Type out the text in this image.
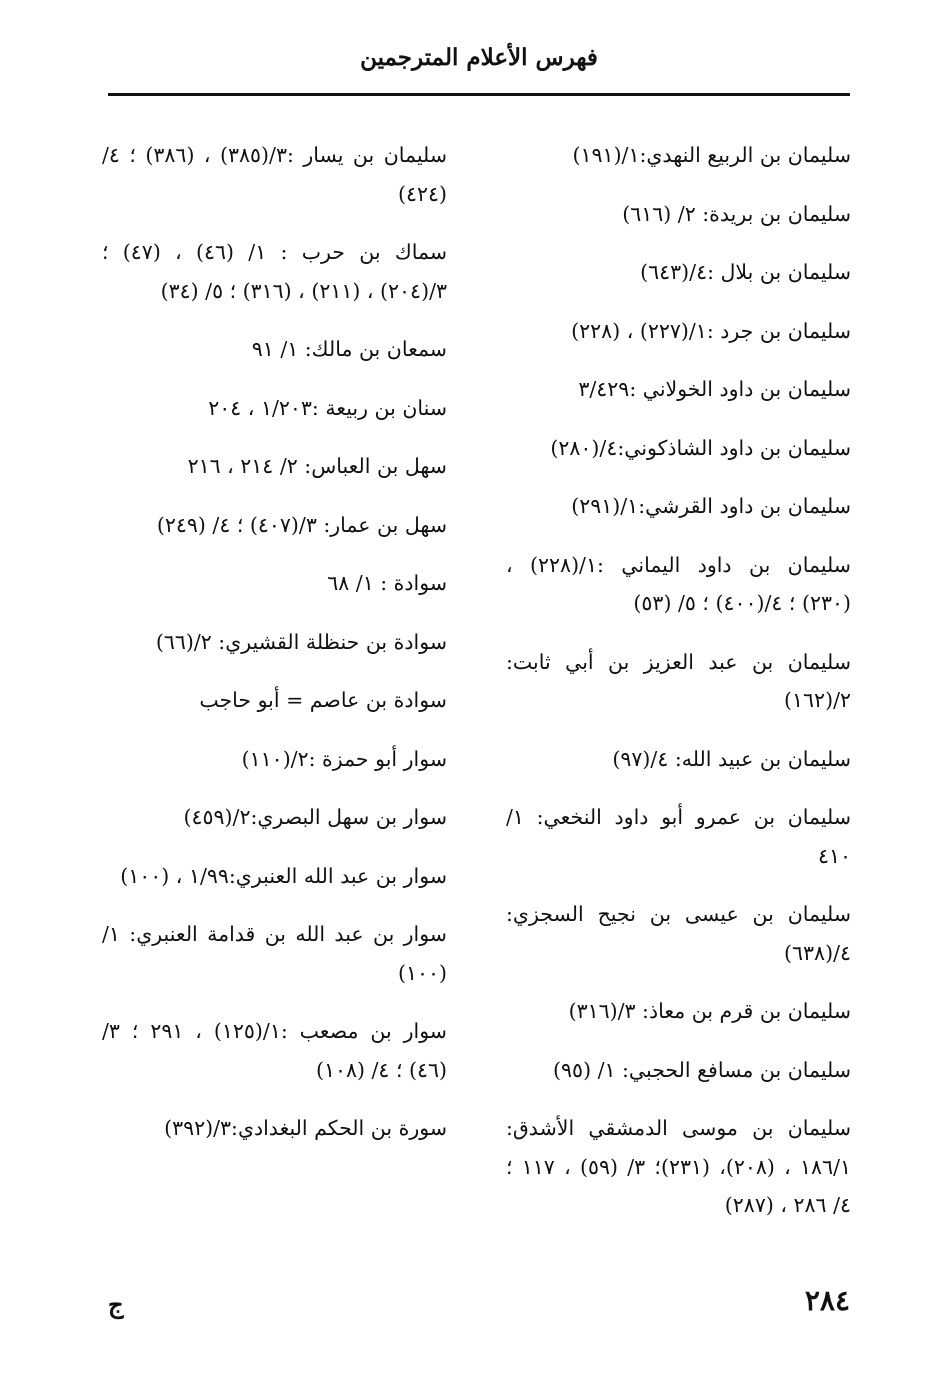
فهرس الأعلام المترجمين
سليمان بن الربيع النهدي:١/(١٩١)
سليمان بن بريدة: ٢/ (٦١٦)
سليمان بن بلال :٤/(٦٤٣)
سليمان بن جرد :١/(٢٢٧) ، (٢٢٨)
سليمان بن داود الخولاني :٣/٤٢٩
سليمان بن داود الشاذكوني:٤/(٢٨٠)
سليمان بن داود القرشي:١/(٢٩١)
سليمان بن داود اليماني :١/(٢٢٨) ، (٢٣٠) ؛ ٤/(٤٠٠) ؛ ٥/ (٥٣)
سليمان بن عبد العزيز بن أبي ثابت: ٢/(١٦٢)
سليمان بن عبيد الله: ٤/(٩٧)
سليمان بن عمرو أبو داود النخعي: ١/ ٤١٠
سليمان بن عيسى بن نجيح السجزي: ٤/(٦٣٨)
سليمان بن قرم بن معاذ: ٣/(٣١٦)
سليمان بن مسافع الحجبي: ١/ (٩٥)
سليمان بن موسى الدمشقي الأشدق: ١٨٦/١ ، (٢٠٨)، (٢٣١)؛ ٣/ (٥٩) ، ١١٧ ؛ ٤/ ٢٨٦ ، (٢٨٧)
سليمان بن يسار :٣/(٣٨٥) ، (٣٨٦) ؛ ٤/ (٤٢٤)
سماك بن حرب : ١/ (٤٦) ، (٤٧) ؛ ٣/(٢٠٤) ، (٢١١) ، (٣١٦) ؛ ٥/ (٣٤)
سمعان بن مالك: ١/ ٩١
سنان بن ربيعة :١/٢٠٣ ، ٢٠٤
سهل بن العباس: ٢/ ٢١٤ ، ٢١٦
سهل بن عمار: ٣/(٤٠٧) ؛ ٤/ (٢٤٩)
سوادة : ١/ ٦٨
سوادة بن حنظلة القشيري: ٢/(٦٦)
سوادة بن عاصم = أبو حاجب
سوار أبو حمزة :٢/(١١٠)
سوار بن سهل البصري:٢/(٤٥٩)
سوار بن عبد الله العنبري:١/٩٩ ، (١٠٠)
سوار بن عبد الله بن قدامة العنبري: ١/ (١٠٠)
سوار بن مصعب :١/(١٢٥) ، ٢٩١ ؛ ٣/ (٤٦) ؛ ٤/ (١٠٨)
سورة بن الحكم البغدادي:٣/(٣٩٢)
٢٨٤
ج
